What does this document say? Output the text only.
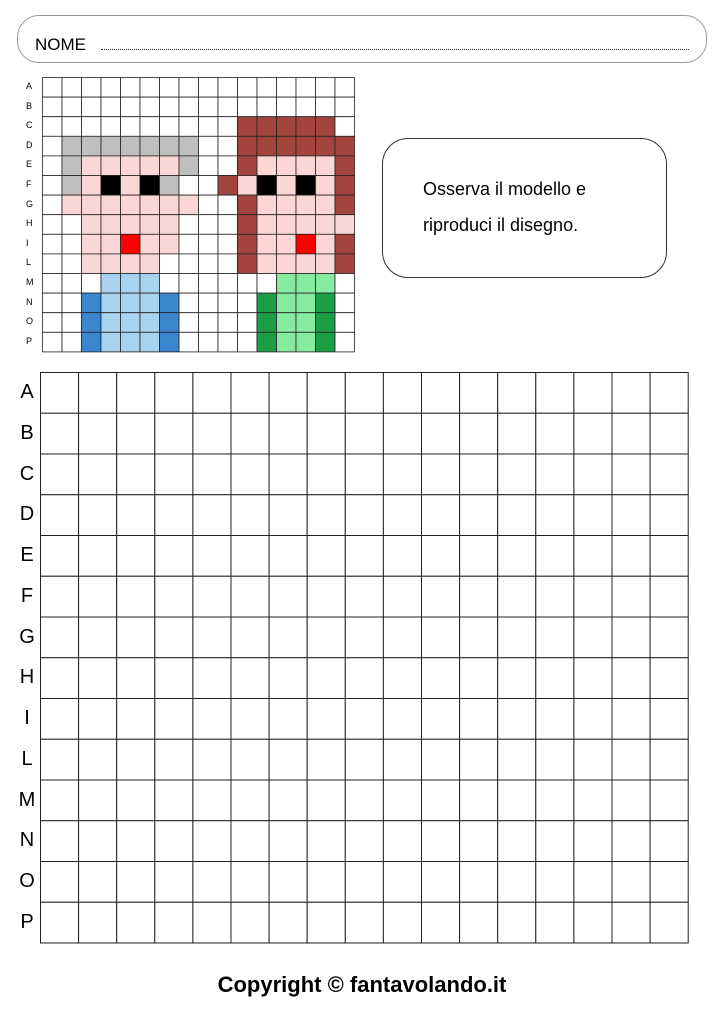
NOME
A
B
C
D
E
F
G
H
I
L
M
N
O
P
Osserva il modello e
riproduci il disegno.
A
B
C
D
E
F
G
H
I
L
M
N
O
P
Copyright © fantavolando.it
